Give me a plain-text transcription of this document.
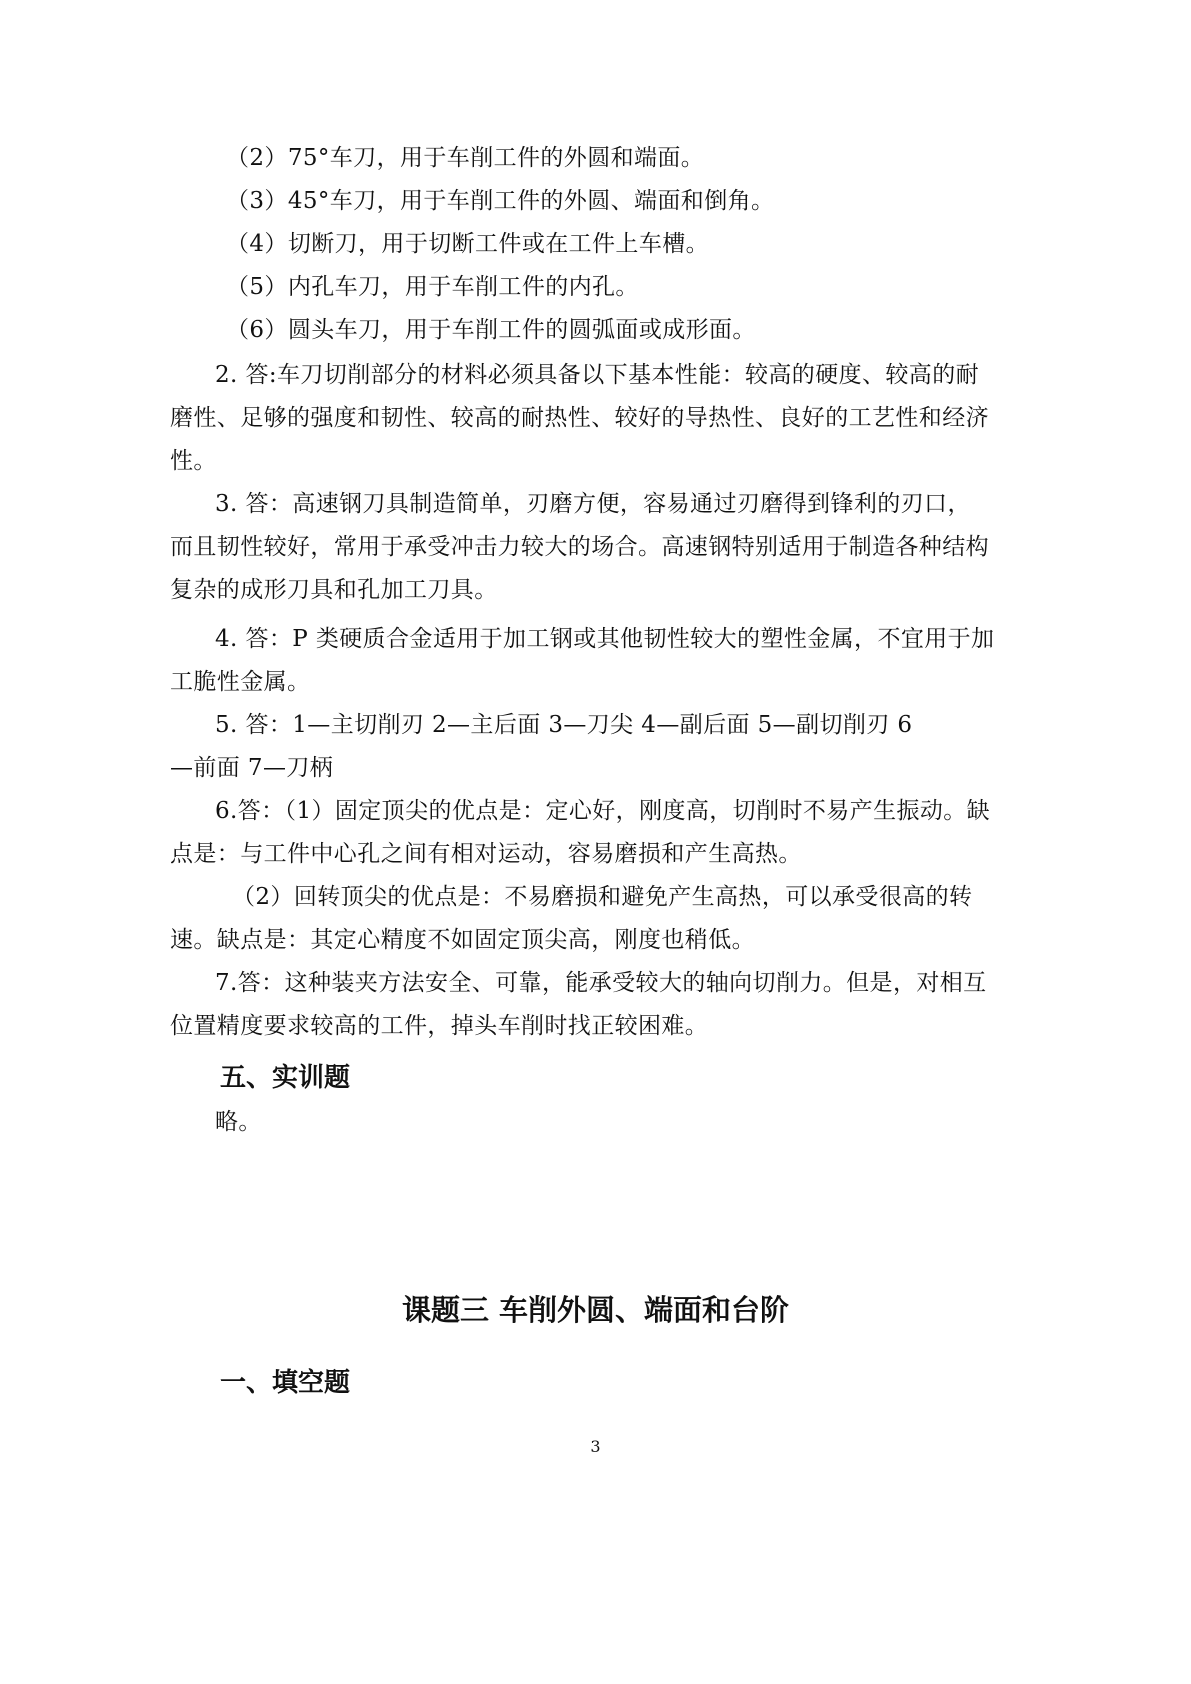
（2）75°车刀，用于车削工件的外圆和端面。
（3）45°车刀，用于车削工件的外圆、端面和倒角。
（4）切断刀，用于切断工件或在工件上车槽。
（5）内孔车刀，用于车削工件的内孔。
（6）圆头车刀，用于车削工件的圆弧面或成形面。
2. 答:车刀切削部分的材料必须具备以下基本性能：较高的硬度、较高的耐
磨性、足够的强度和韧性、较高的耐热性、较好的导热性、良好的工艺性和经济
性。
3. 答：高速钢刀具制造简单，刃磨方便，容易通过刃磨得到锋利的刃口，
而且韧性较好，常用于承受冲击力较大的场合。高速钢特别适用于制造各种结构
复杂的成形刀具和孔加工刀具。
4. 答：P 类硬质合金适用于加工钢或其他韧性较大的塑性金属，不宜用于加
工脆性金属。
5. 答：1—主切削刃 2—主后面 3—刀尖 4—副后面 5—副切削刃 6
—前面 7—刀柄
6.答：（1）固定顶尖的优点是：定心好，刚度高，切削时不易产生振动。缺
点是：与工件中心孔之间有相对运动，容易磨损和产生高热。
（2）回转顶尖的优点是：不易磨损和避免产生高热，可以承受很高的转
速。缺点是：其定心精度不如固定顶尖高，刚度也稍低。
7.答：这种装夹方法安全、可靠，能承受较大的轴向切削力。但是，对相互
位置精度要求较高的工件，掉头车削时找正较困难。
五、实训题
略。
课题三 车削外圆、端面和台阶
一、填空题
3
